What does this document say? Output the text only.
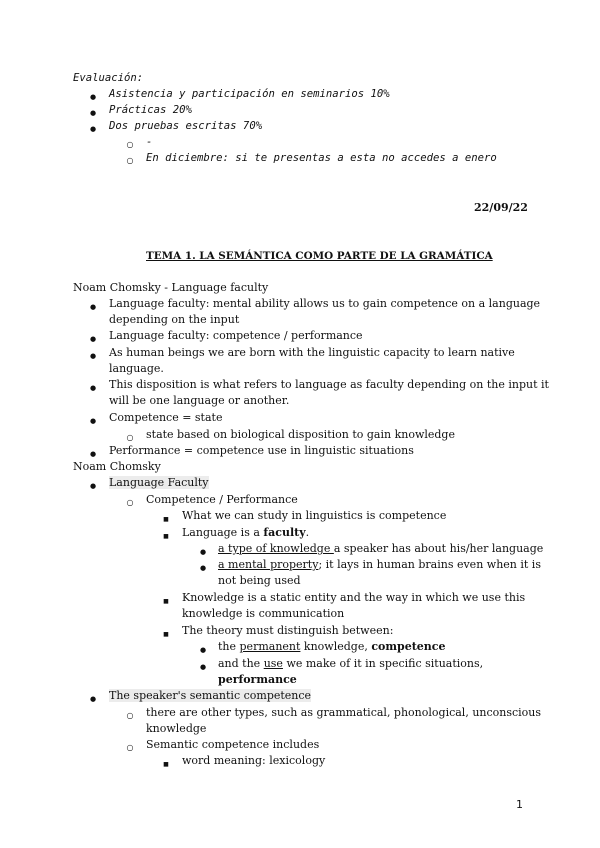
Evaluación:
●
Asistencia y participación en seminarios 10%
●
Prácticas 20%
●
Dos pruebas escritas 70%
○
-
○
En diciembre: si te presentas a esta no accedes a enero
22/09/22
TEMA 1. LA SEMÁNTICA COMO PARTE DE LA GRAMÁTICA
Noam Chomsky - Language faculty
●
Language faculty: mental ability allows us to gain competence on a language
depending on the input
●
Language faculty: competence / performance
●
As human beings we are born with the linguistic capacity to learn native
language.
●
This disposition is what refers to language as faculty depending on the input it
will be one language or another.
●
Competence = state
○
state based on biological disposition to gain knowledge
●
Performance = competence use in linguistic situations
Noam Chomsky
●
Language Faculty
○
Competence / Performance
■
What we can study in linguistics is competence
■
Language is a faculty.
●
a type of knowledge a speaker has about his/her language
●
a mental property; it lays in human brains even when it is
not being used
■
Knowledge is a static entity and the way in which we use this
knowledge is communication
■
The theory must distinguish between:
●
the permanent knowledge, competence
●
and the use we make of it in specific situations,
performance
●
The speaker's semantic competence
○
there are other types, such as grammatical, phonological, unconscious
knowledge
○
Semantic competence includes
■
word meaning: lexicology
1
